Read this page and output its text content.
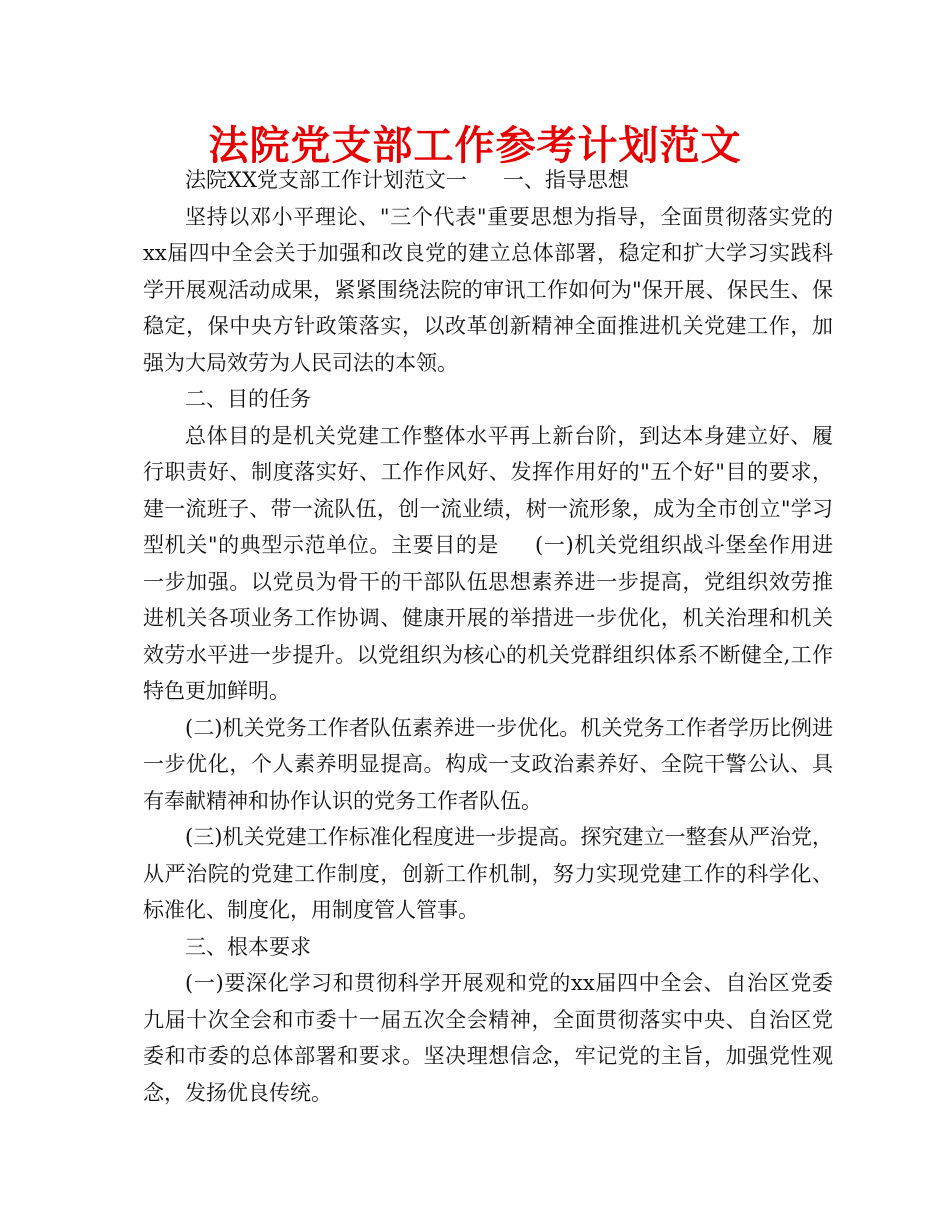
法院党支部工作参考计划范文

法院XX党支部工作计划范文一 一、指导思想

坚持以邓小平理论、"三个代表"重要思想为指导，全面贯彻落实党的xx届四中全会关于加强和改良党的建立总体部署，稳定和扩大学习实践科学开展观活动成果，紧紧围绕法院的审讯工作如何为"保开展、保民生、保稳定，保中央方针政策落实，以改革创新精神全面推进机关党建工作，加强为大局效劳为人民司法的本领。

二、目的任务

总体目的是机关党建工作整体水平再上新台阶，到达本身建立好、履行职责好、制度落实好、工作作风好、发挥作用好的"五个好"目的要求，建一流班子、带一流队伍，创一流业绩，树一流形象，成为全市创立"学习型机关"的典型示范单位。主要目的是 (一)机关党组织战斗堡垒作用进一步加强。以党员为骨干的干部队伍思想素养进一步提高，党组织效劳推进机关各项业务工作协调、健康开展的举措进一步优化，机关治理和机关效劳水平进一步提升。以党组织为核心的机关党群组织体系不断健全,工作特色更加鲜明。

(二)机关党务工作者队伍素养进一步优化。机关党务工作者学历比例进一步优化，个人素养明显提高。构成一支政治素养好、全院干警公认、具有奉献精神和协作认识的党务工作者队伍。

(三)机关党建工作标准化程度进一步提高。探究建立一整套从严治党，从严治院的党建工作制度，创新工作机制，努力实现党建工作的科学化、标准化、制度化，用制度管人管事。

三、根本要求

(一)要深化学习和贯彻科学开展观和党的xx届四中全会、自治区党委九届十次全会和市委十一届五次全会精神，全面贯彻落实中央、自治区党委和市委的总体部署和要求。坚决理想信念，牢记党的主旨，加强党性观念，发扬优良传统。
